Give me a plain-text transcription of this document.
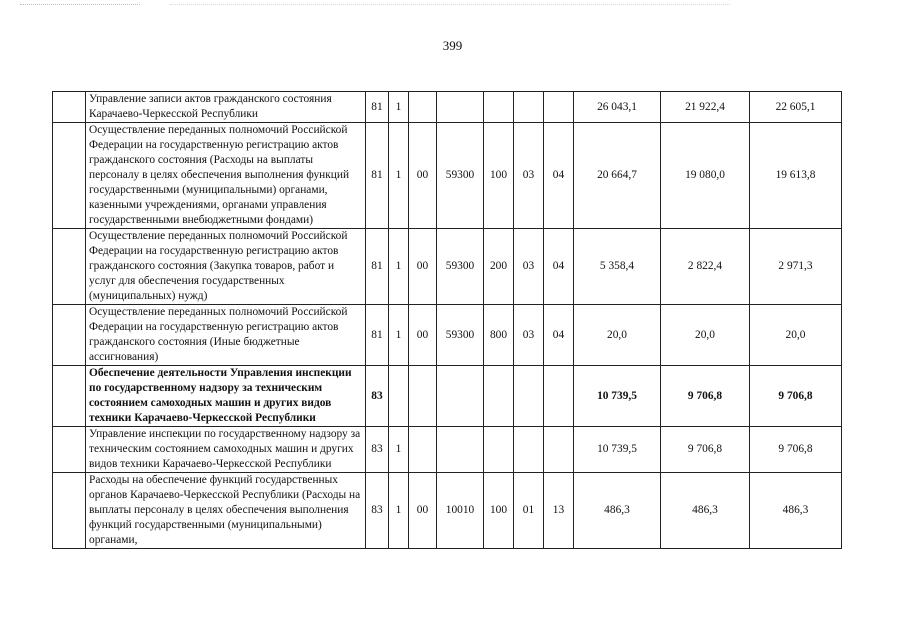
399
	Управление записи актов гражданского состояния Карачаево-Черкесской Республики	81	1						26 043,1	21 922,4	22 605,1
	Осуществление переданных полномочий Российской Федерации на государственную регистрацию актов гражданского состояния (Расходы на выплаты персоналу в целях обеспечения выполнения функций государственными (муниципальными) органами, казенными учреждениями, органами управления государственными внебюджетными фондами)	81	1	00	59300	100	03	04	20 664,7	19 080,0	19 613,8
	Осуществление переданных полномочий Российской Федерации на государственную регистрацию актов гражданского состояния (Закупка товаров, работ и услуг для обеспечения государственных (муниципальных) нужд)	81	1	00	59300	200	03	04	5 358,4	2 822,4	2 971,3
	Осуществление переданных полномочий Российской Федерации на государственную регистрацию актов гражданского состояния (Иные бюджетные ассигнования)	81	1	00	59300	800	03	04	20,0	20,0	20,0
	Обеспечение деятельности Управления инспекции по государственному надзору за техническим состоянием самоходных машин и других видов техники Карачаево-Черкесской Республики	83							10 739,5	9 706,8	9 706,8
	Управление инспекции по государственному надзору за техническим состоянием самоходных машин и других видов техники Карачаево-Черкесской Республики	83	1						10 739,5	9 706,8	9 706,8
	Расходы на обеспечение функций государственных органов Карачаево-Черкесской Республики (Расходы на выплаты персоналу в целях обеспечения выполнения функций государственными (муниципальными) органами,	83	1	00	10010	100	01	13	486,3	486,3	486,3
